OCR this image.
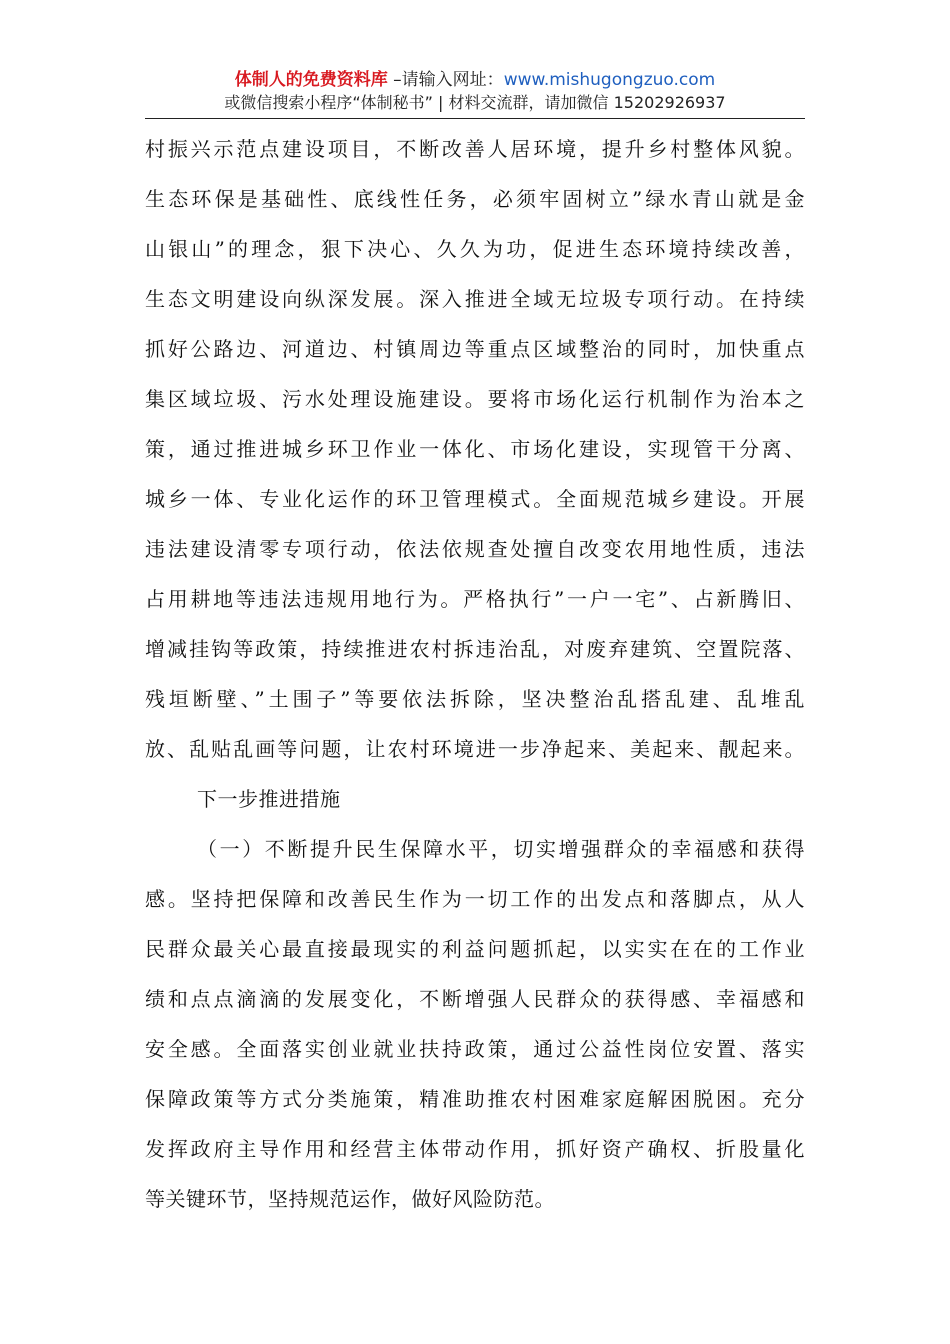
体制人的免费资料库 –请输入网址：www.mishugongzuo.com
或微信搜索小程序“体制秘书” | 材料交流群，请加微信 15202926937
村振兴示范点建设项目，不断改善人居环境，提升乡村整体风貌。
生态环保是基础性、底线性任务，必须牢固树立”绿水青山就是金
山银山”的理念，狠下决心、久久为功，促进生态环境持续改善，
生态文明建设向纵深发展。深入推进全域无垃圾专项行动。在持续
抓好公路边、河道边、村镇周边等重点区域整治的同时，加快重点
集区域垃圾、污水处理设施建设。要将市场化运行机制作为治本之
策，通过推进城乡环卫作业一体化、市场化建设，实现管干分离、
城乡一体、专业化运作的环卫管理模式。全面规范城乡建设。开展
违法建设清零专项行动，依法依规查处擅自改变农用地性质，违法
占用耕地等违法违规用地行为。严格执行”一户一宅”、占新腾旧、
增减挂钩等政策，持续推进农村拆违治乱，对废弃建筑、空置院落、
残垣断壁、”土围子”等要依法拆除，坚决整治乱搭乱建、乱堆乱
放、乱贴乱画等问题，让农村环境进一步净起来、美起来、靓起来。
下一步推进措施
（一）不断提升民生保障水平，切实增强群众的幸福感和获得
感。坚持把保障和改善民生作为一切工作的出发点和落脚点，从人
民群众最关心最直接最现实的利益问题抓起，以实实在在的工作业
绩和点点滴滴的发展变化，不断增强人民群众的获得感、幸福感和
安全感。全面落实创业就业扶持政策，通过公益性岗位安置、落实
保障政策等方式分类施策，精准助推农村困难家庭解困脱困。充分
发挥政府主导作用和经营主体带动作用，抓好资产确权、折股量化
等关键环节，坚持规范运作，做好风险防范。
